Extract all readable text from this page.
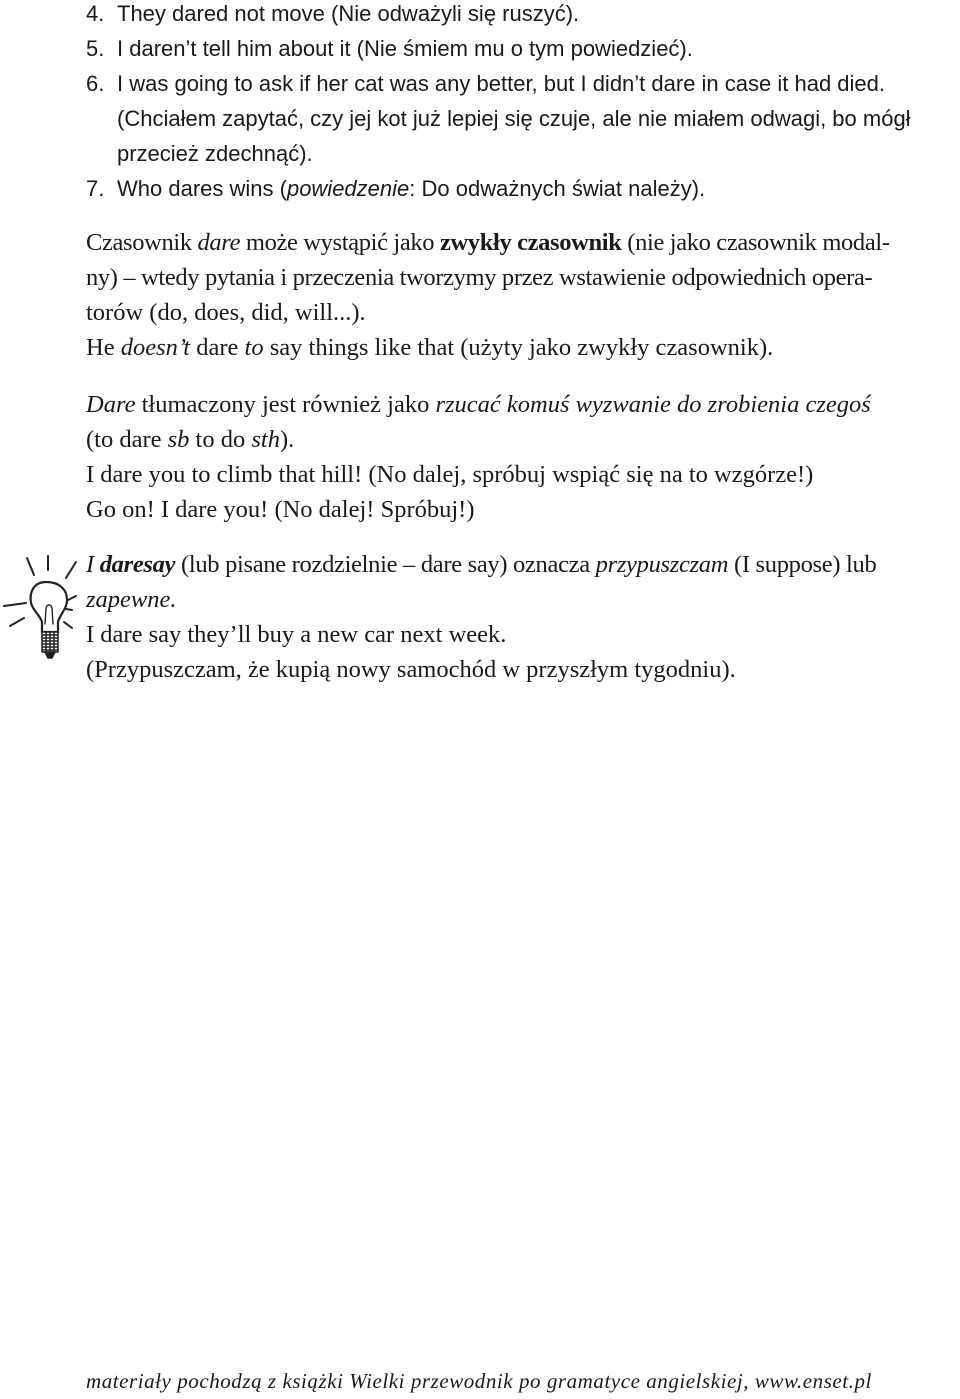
4. They dared not move (Nie odważyli się ruszyć).
5. I daren’t tell him about it (Nie śmiem mu o tym powiedzieć).
6. I was going to ask if her cat was any better, but I didn’t dare in case it had died.
(Chciałem zapytać, czy jej kot już lepiej się czuje, ale nie miałem odwagi, bo mógł
przecież zdechnąć).
7. Who dares wins (powiedzenie: Do odważnych świat należy).
Czasownik dare może wystąpić jako zwykły czasownik (nie jako czasownik modal-
ny) – wtedy pytania i przeczenia tworzymy przez wstawienie odpowiednich opera-
torów (do, does, did, will...).
He doesn’t dare to say things like that (użyty jako zwykły czasownik).
Dare tłumaczony jest również jako rzucać komuś wyzwanie do zrobienia czegoś
(to dare sb to do sth).
I dare you to climb that hill! (No dalej, spróbuj wspiąć się na to wzgórze!)
Go on! I dare you! (No dalej! Spróbuj!)
I daresay (lub pisane rozdzielnie – dare say) oznacza przypuszczam (I suppose) lub
zapewne.
I dare say they’ll buy a new car next week.
(Przypuszczam, że kupią nowy samochód w przyszłym tygodniu).
materiały pochodzą z książki Wielki przewodnik po gramatyce angielskiej, www.enset.pl
